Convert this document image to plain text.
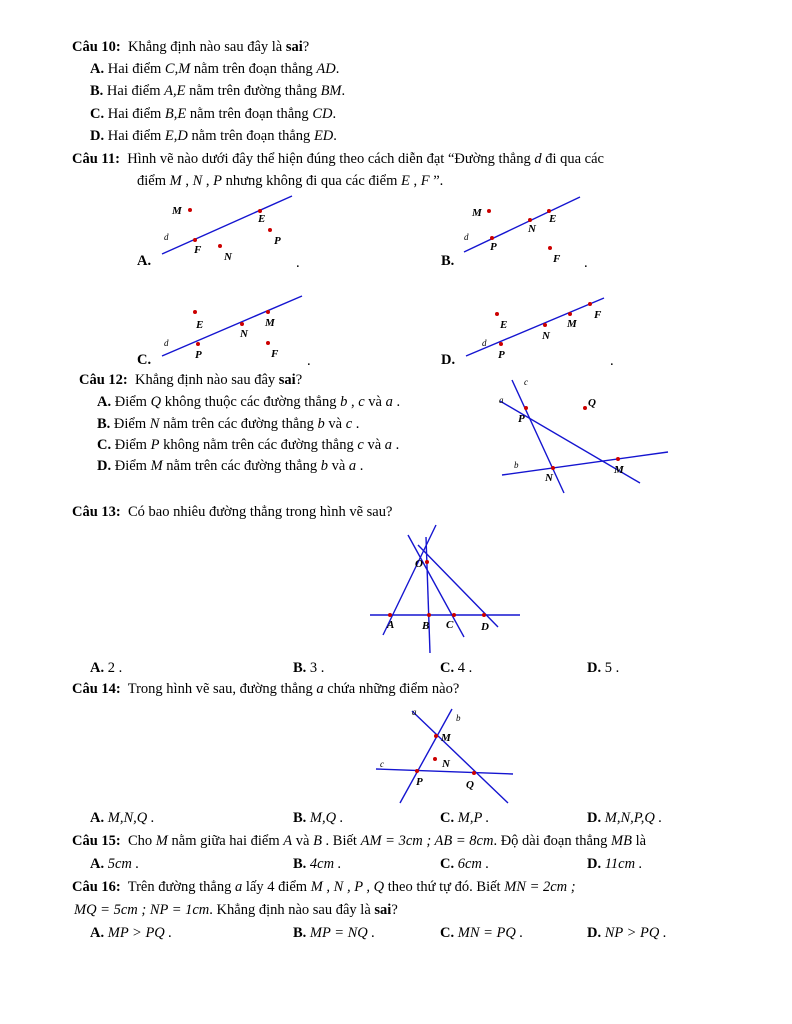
Câu 10: Khẳng định nào sau đây là sai?
A. Hai điểm C,M nằm trên đoạn thẳng AD.
B. Hai điểm A,E nằm trên đường thẳng BM.
C. Hai điểm B,E nằm trên đoạn thẳng CD.
D. Hai điểm E,D nằm trên đoạn thẳng ED.
Câu 11: Hình vẽ nào dưới đây thể hiện đúng theo cách diễn đạt “Đường thẳng d đi qua các
điểm M , N , P nhưng không đi qua các điểm E , F ”.
A.
M
E
P
F
N
d
.	B.
M	E
N
P
F
d
.
C.
E	M
N
P	F
d
.	D.
E	M
F
N
P
d
.
Câu 12: Khẳng định nào sau đây sai?
A. Điểm Q không thuộc các đường thẳng b , c và a .
B. Điểm N nằm trên các đường thẳng b và c .
C. Điểm P không nằm trên các đường thẳng c và a .
D. Điểm M nằm trên các đường thẳng b và a .
c
a
b
P
Q
M
N
Câu 13: Có bao nhiêu đường thẳng trong hình vẽ sau?
O
A	B C	D
A. 2 .	B. 3 .	C. 4 .	D. 5 .
Câu 14: Trong hình vẽ sau, đường thẳng a chứa những điểm nào?
a
b
c
M
N
P	Q
A. M,N,Q .	B. M,Q .	C. M,P .	D. M,N,P,Q .
Câu 15: Cho M nằm giữa hai điểm A và B . Biết AM = 3cm ; AB = 8cm. Độ dài đoạn thẳng MB là
A. 5cm .	B. 4cm .	C. 6cm .	D. 11cm .
Câu 16: Trên đường thẳng a lấy 4 điểm M , N , P , Q theo thứ tự đó. Biết MN = 2cm ;
MQ = 5cm ; NP = 1cm. Khẳng định nào sau đây là sai?
A. MP > PQ .	B. MP = NQ .	C. MN = PQ .	D. NP > PQ .
